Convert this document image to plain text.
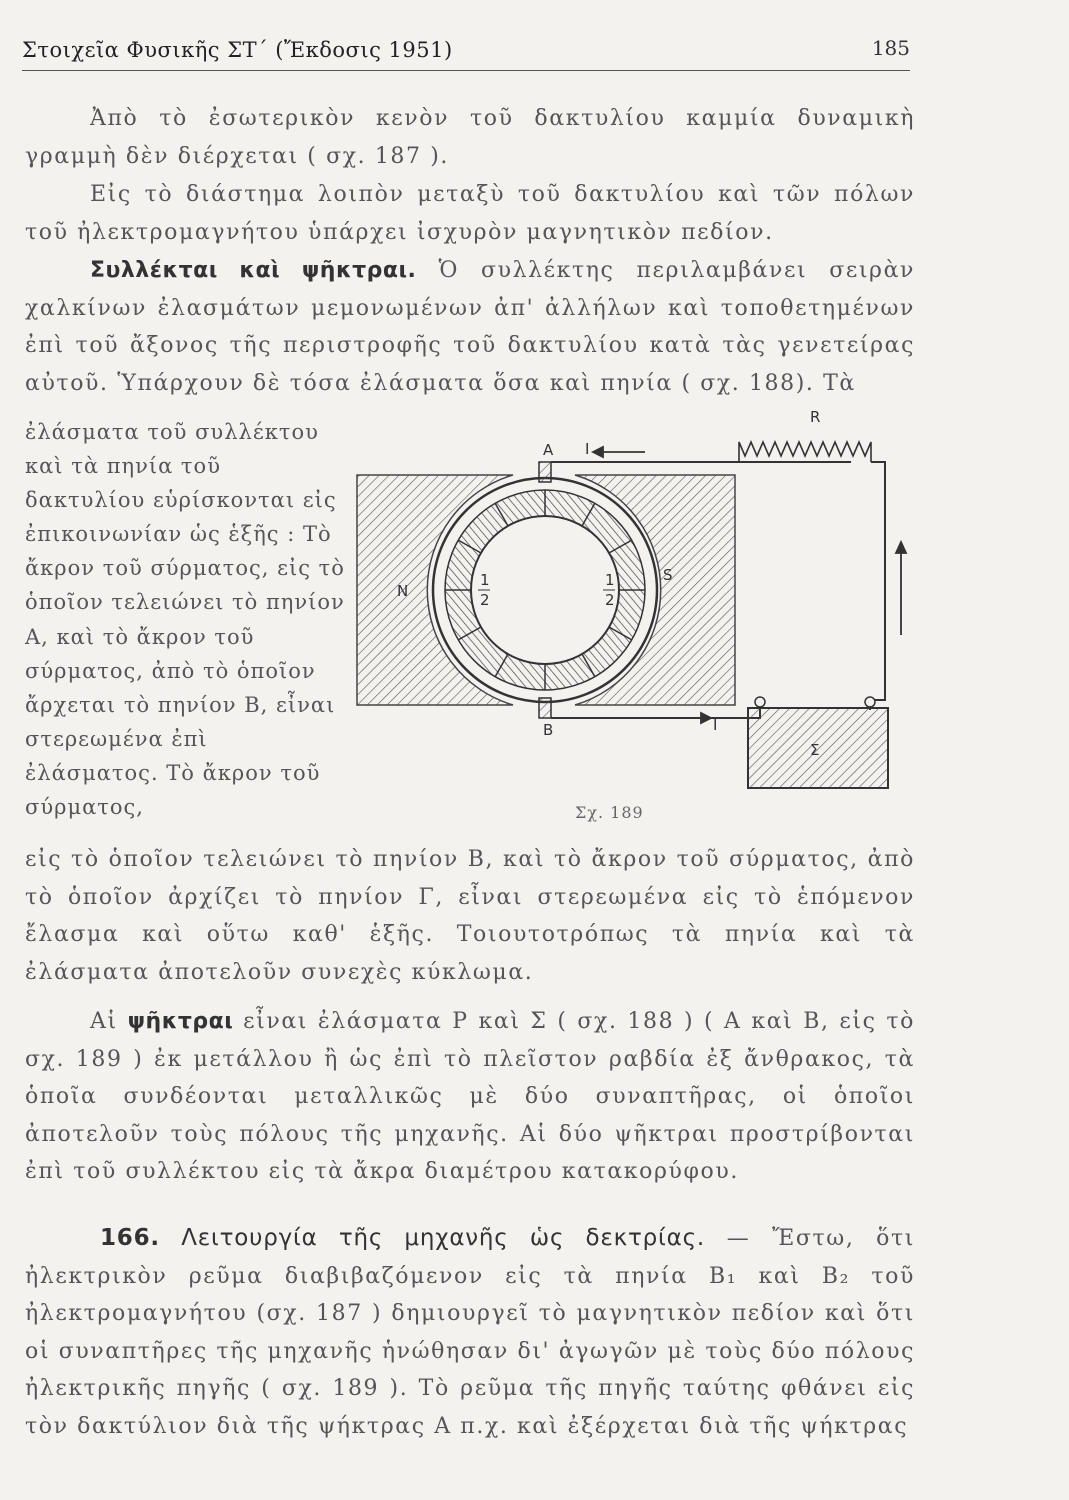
Στοιχεῖα Φυσικῆς ΣΤ΄ (Ἔκδοσις 1951)	185

Ἀπὸ τὸ ἐσωτερικὸν κενὸν τοῦ δακτυλίου καμμία δυναμικὴ γραμμὴ δὲν διέρχεται ( σχ. 187 ).

Εἰς τὸ διάστημα λοιπὸν μεταξὺ τοῦ δακτυλίου καὶ τῶν πόλων τοῦ ἠλεκτρομαγνήτου ὑπάρχει ἰσχυρὸν μαγνητικὸν πεδίον.

Συλλέκται καὶ ψῆκτραι. Ὁ συλλέκτης περιλαμβάνει σειρὰν χαλκίνων ἐλασμάτων μεμονωμένων ἀπ' ἀλλήλων καὶ τοποθετημένων ἐπὶ τοῦ ἄξονος τῆς περιστροφῆς τοῦ δακτυλίου κατὰ τὰς γενετείρας αὐτοῦ. Ὑπάρχουν δὲ τόσα ἐλάσματα ὅσα καὶ πηνία ( σχ. 188). Τὰ

ἐλάσματα τοῦ συλλέκτου καὶ τὰ πηνία τοῦ δακτυλίου εὑρίσκονται εἰς ἐπικοινωνίαν ὡς ἑξῆς : Τὸ ἄκρον τοῦ σύρματος, εἰς τὸ ὁποῖον τελειώνει τὸ πηνίον Α, καὶ τὸ ἄκρον τοῦ σύρματος, ἀπὸ τὸ ὁποῖον ἄρχεται τὸ πηνίον Β, εἶναι στερεωμένα ἐπὶ ἐλάσματος. Τὸ ἄκρον τοῦ σύρματος,

R
A I
B	I
N
S
1
2
1
2
Σ
Σχ. 189

εἰς τὸ ὁποῖον τελειώνει τὸ πηνίον Β, καὶ τὸ ἄκρον τοῦ σύρματος, ἀπὸ τὸ ὁποῖον ἀρχίζει τὸ πηνίον Γ, εἶναι στερεωμένα εἰς τὸ ἑπόμενον ἔλασμα καὶ οὕτω καθ' ἑξῆς. Τοιουτοτρόπως τὰ πηνία καὶ τὰ ἐλάσματα ἀποτελοῦν συνεχὲς κύκλωμα.

Αἱ ψῆκτραι εἶναι ἐλάσματα Ρ καὶ Σ ( σχ. 188 ) ( Α καὶ Β, εἰς τὸ σχ. 189 ) ἐκ μετάλλου ἢ ὡς ἐπὶ τὸ πλεῖστον ραβδία ἐξ ἄνθρακος, τὰ ὁποῖα συνδέονται μεταλλικῶς μὲ δύο συναπτῆρας, οἱ ὁποῖοι ἀποτελοῦν τοὺς πόλους τῆς μηχανῆς. Αἱ δύο ψῆκτραι προστρίβονται ἐπὶ τοῦ συλλέκτου εἰς τὰ ἄκρα διαμέτρου κατακορύφου.

166. Λειτουργία τῆς μηχανῆς ὡς δεκτρίας. — Ἔστω, ὅτι ἠλεκτρικὸν ρεῦμα διαβιβαζόμενον εἰς τὰ πηνία Β₁ καὶ Β₂ τοῦ ἠλεκτρομαγνήτου (σχ. 187 ) δημιουργεῖ τὸ μαγνητικὸν πεδίον καὶ ὅτι οἱ συναπτῆρες τῆς μηχανῆς ἡνώθησαν δι' ἀγωγῶν μὲ τοὺς δύο πόλους ἠλεκτρικῆς πηγῆς ( σχ. 189 ). Τὸ ρεῦμα τῆς πηγῆς ταύτης φθάνει εἰς τὸν δακτύλιον διὰ τῆς ψήκτρας Α π.χ. καὶ ἐξέρχεται διὰ τῆς ψήκτρας
